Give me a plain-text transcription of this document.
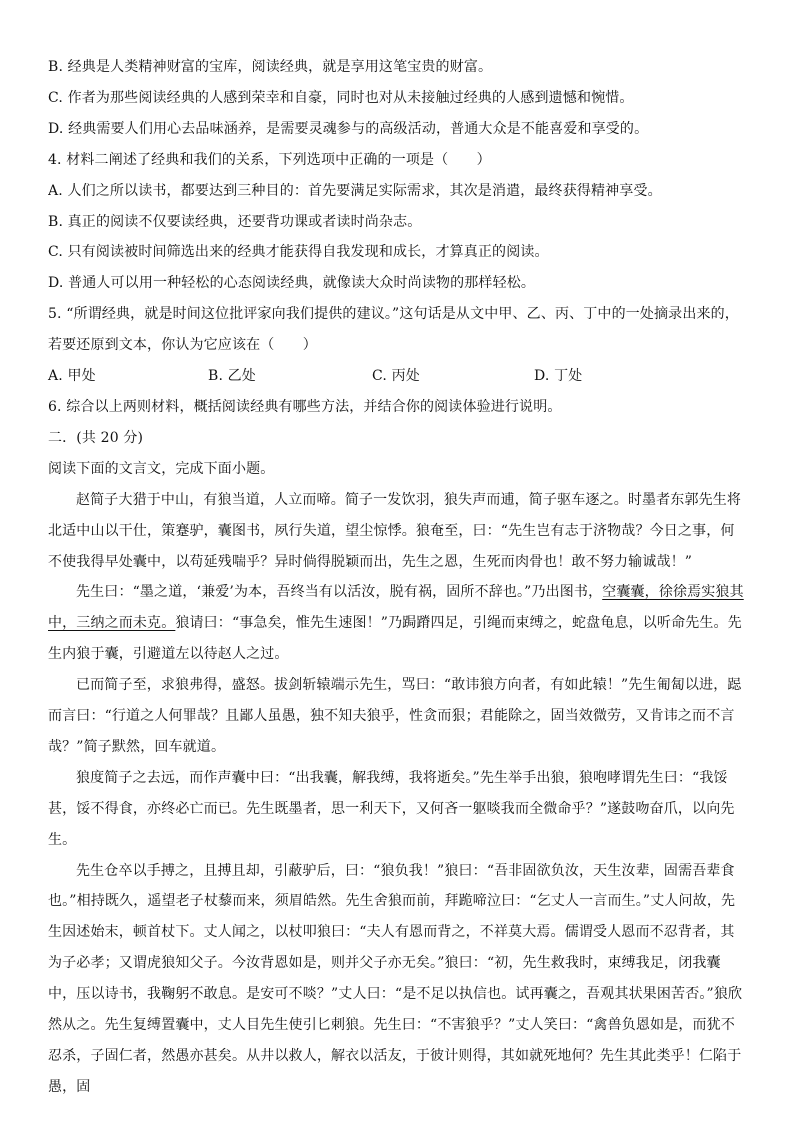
B. 经典是人类精神财富的宝库，阅读经典，就是享用这笔宝贵的财富。
C. 作者为那些阅读经典的人感到荣幸和自豪，同时也对从未接触过经典的人感到遗憾和惋惜。
D. 经典需要人们用心去品味涵养，是需要灵魂参与的高级活动，普通大众是不能喜爱和享受的。
4. 材料二阐述了经典和我们的关系，下列选项中正确的一项是（　　）
A. 人们之所以读书，都要达到三种目的：首先要满足实际需求，其次是消遣，最终获得精神享受。
B. 真正的阅读不仅要读经典，还要背功课或者读时尚杂志。
C. 只有阅读被时间筛选出来的经典才能获得自我发现和成长，才算真正的阅读。
D. 普通人可以用一种轻松的心态阅读经典，就像读大众时尚读物的那样轻松。
5. “所谓经典，就是时间这位批评家向我们提供的建议。”这句话是从文中甲、乙、丙、丁中的一处摘录出来的，
若要还原到文本，你认为它应该在（　　）
A. 甲处	B. 乙处	C. 丙处	D. 丁处
6. 综合以上两则材料，概括阅读经典有哪些方法，并结合你的阅读体验进行说明。
二．(共 20 分)
阅读下面的文言文，完成下面小题。
赵简子大猎于中山，有狼当道，人立而啼。简子一发饮羽，狼失声而逋，简子驱车逐之。时墨者东郭先生将北适中山以干仕，策蹇驴，囊图书，夙行失道，望尘惊悸。狼奄至，曰：“先生岂有志于济物哉？今日之事，何不使我得早处囊中，以苟延残喘乎？异时倘得脱颖而出，先生之恩，生死而肉骨也！敢不努力输诚哉！”
先生曰：“墨之道，‘兼爱’为本，吾终当有以活汝，脱有祸，固所不辞也。”乃出图书，空囊囊，徐徐焉实狼其中，三纳之而未克。狼请曰：“事急矣，惟先生速图！”乃跼蹐四足，引绳而束缚之，蛇盘龟息，以听命先生。先生内狼于囊，引避道左以待赵人之过。
已而简子至，求狼弗得，盛怒。拔剑斩辕端示先生，骂曰：“敢讳狼方向者，有如此辕！”先生匍匐以进，跽而言曰：“行道之人何罪哉？且鄙人虽愚，独不知夫狼乎，性贪而狠；君能除之，固当效微劳，又肯讳之而不言哉？”简子默然，回车就道。
狼度简子之去远，而作声囊中曰：“出我囊，解我缚，我将逝矣。”先生举手出狼，狼咆哮谓先生曰：“我馁甚，馁不得食，亦终必亡而已。先生既墨者，思一利天下，又何吝一躯啖我而全微命乎？”遂鼓吻奋爪，以向先生。
先生仓卒以手搏之，且搏且却，引蔽驴后，曰：“狼负我！”狼曰：“吾非固欲负汝，天生汝辈，固需吾辈食也。”相持既久，遥望老子杖藜而来，须眉皓然。先生舍狼而前，拜跪啼泣曰：“乞丈人一言而生。”丈人问故，先生因述始末，顿首杖下。丈人闻之，以杖叩狼曰：“夫人有恩而背之，不祥莫大焉。儒谓受人恩而不忍背者，其为子必孝；又谓虎狼知父子。今汝背恩如是，则并父子亦无矣。”狼曰：“初，先生救我时，束缚我足，闭我囊中，压以诗书，我鞠躬不敢息。是安可不啖？”丈人曰：“是不足以执信也。试再囊之，吾观其状果困苦否。”狼欣然从之。先生复缚置囊中，丈人目先生使引匕刺狼。先生曰：“不害狼乎？”丈人笑曰：“禽兽负恩如是，而犹不忍杀，子固仁者，然愚亦甚矣。从井以救人，解衣以活友，于彼计则得，其如就死地何？先生其此类乎！仁陷于愚，固
